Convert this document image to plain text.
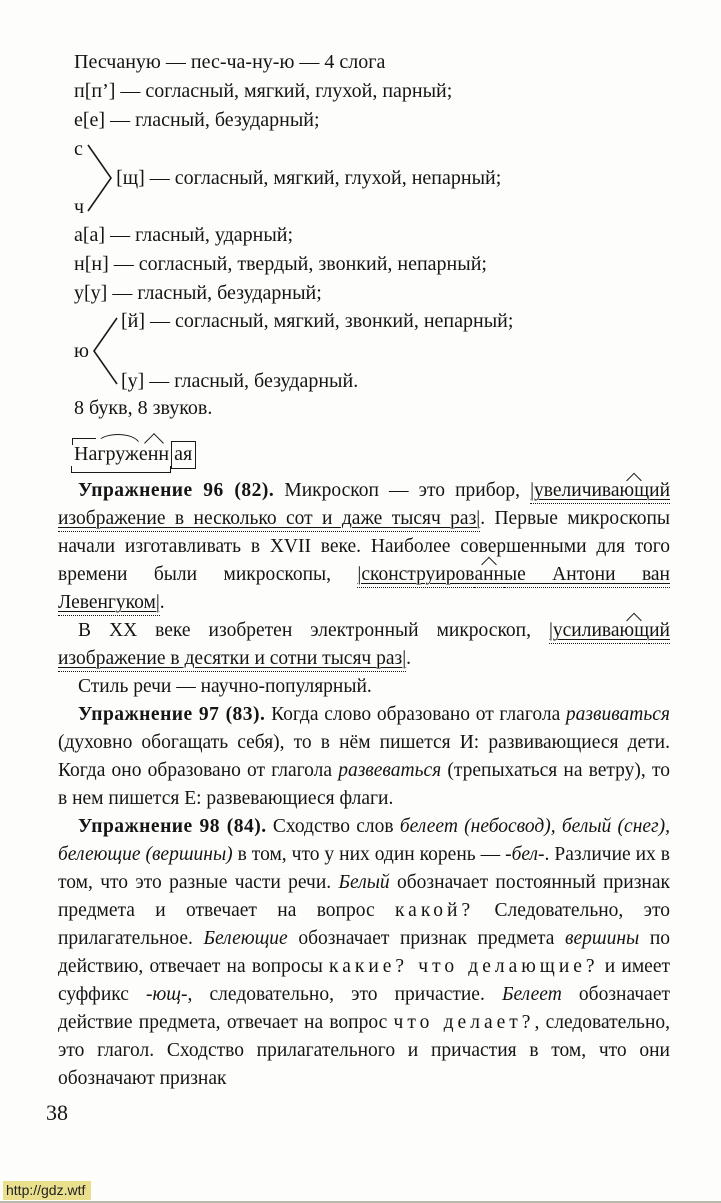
Песчаную — пес-ча-ну-ю — 4 слога
п[п’] — согласный, мягкий, глухой, парный;
е[е] — гласный, безударный;
с
ч
[щ] — согласный, мягкий, глухой, непарный;
а[а] — гласный, ударный;
н[н] — согласный, твердый, звонкий, непарный;
у[у] — гласный, безударный;
ю
[й] — согласный, мягкий, звонкий, непарный;
[у] — гласный, безударный.
8 букв, 8 звуков.
Нагруженн ая

Упражнение 96 (82). Микроскоп — это прибор, |увеличивающий изображение в несколько сот и даже тысяч раз|. Первые микроскопы начали изготавливать в XVII веке. Наиболее совершенными для того времени были микроскопы, |сконструированные Антони ван Левенгуком|.

В XX веке изобретен электронный микроскоп, |усиливающий изображение в десятки и сотни тысяч раз|.

Стиль речи — научно-популярный.

Упражнение 97 (83). Когда слово образовано от глагола развиваться (духовно обогащать себя), то в нём пишется И: развивающиеся дети. Когда оно образовано от глагола развеваться (трепыхаться на ветру), то в нем пишется Е: развевающиеся флаги.

Упражнение 98 (84). Сходство слов белеет (небосвод), белый (снег), белеющие (вершины) в том, что у них один корень — -бел-. Различие их в том, что это разные части речи. Белый обозначает постоянный признак предмета и отвечает на вопрос какой? Следовательно, это прилагательное. Белеющие обозначает признак предмета вершины по действию, отвечает на вопросы какие? что делающие? и имеет суффикс -ющ-, следовательно, это причастие. Белеет обозначает действие предмета, отвечает на вопрос что делает?, следовательно, это глагол. Сходство прилагательного и причастия в том, что они обозначают признак

38
http://gdz.wtf
